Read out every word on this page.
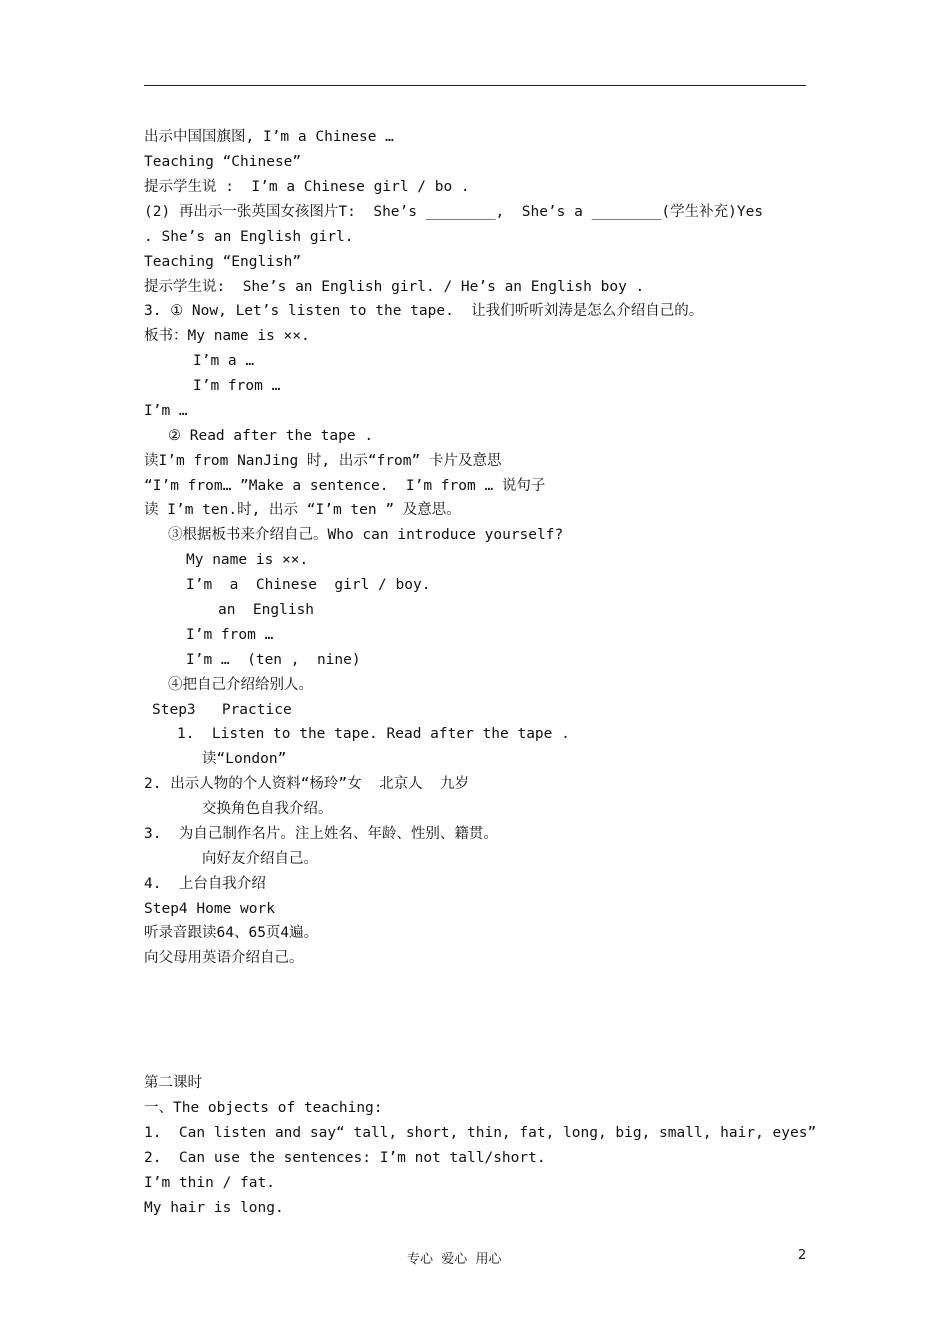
出示中国国旗图, I’m a Chinese …
Teaching “Chinese”
提示学生说 :  I’m a Chinese girl / bo .
(2) 再出示一张英国女孩图片T:  She’s ________,  She’s a ________(学生补充)Yes
. She’s an English girl.
Teaching “English”
提示学生说:  She’s an English girl. / He’s an English boy .
3. ① Now, Let’s listen to the tape.  让我们听听刘涛是怎么介绍自己的。
板书：My name is ××.
I’m a …
I’m from …
I’m …
② Read after the tape .
读I’m from NanJing 时, 出示“from” 卡片及意思
“I’m from… ”Make a sentence.  I’m from … 说句子
读 I’m ten.时, 出示 “I’m ten ” 及意思。
③根据板书来介绍自己。Who can introduce yourself?
My name is ××.
I’m  a  Chinese  girl / boy.
an  English
I’m from …
I’m …  (ten ,  nine)
④把自己介绍给别人。
Step3   Practice
1.  Listen to the tape. Read after the tape .
读“London”
2. 出示人物的个人资料“杨玲”女  北京人  九岁
交换角色自我介绍。
3.  为自己制作名片。注上姓名、年龄、性别、籍贯。
向好友介绍自己。
4.  上台自我介绍
Step4 Home work
听录音跟读64、65页4遍。
向父母用英语介绍自己。
第二课时
一、The objects of teaching:
1.  Can listen and say“ tall, short, thin, fat, long, big, small, hair, eyes”
2.  Can use the sentences: I’m not tall/short.
I’m thin / fat.
My hair is long.
专心  爱心  用心	2
